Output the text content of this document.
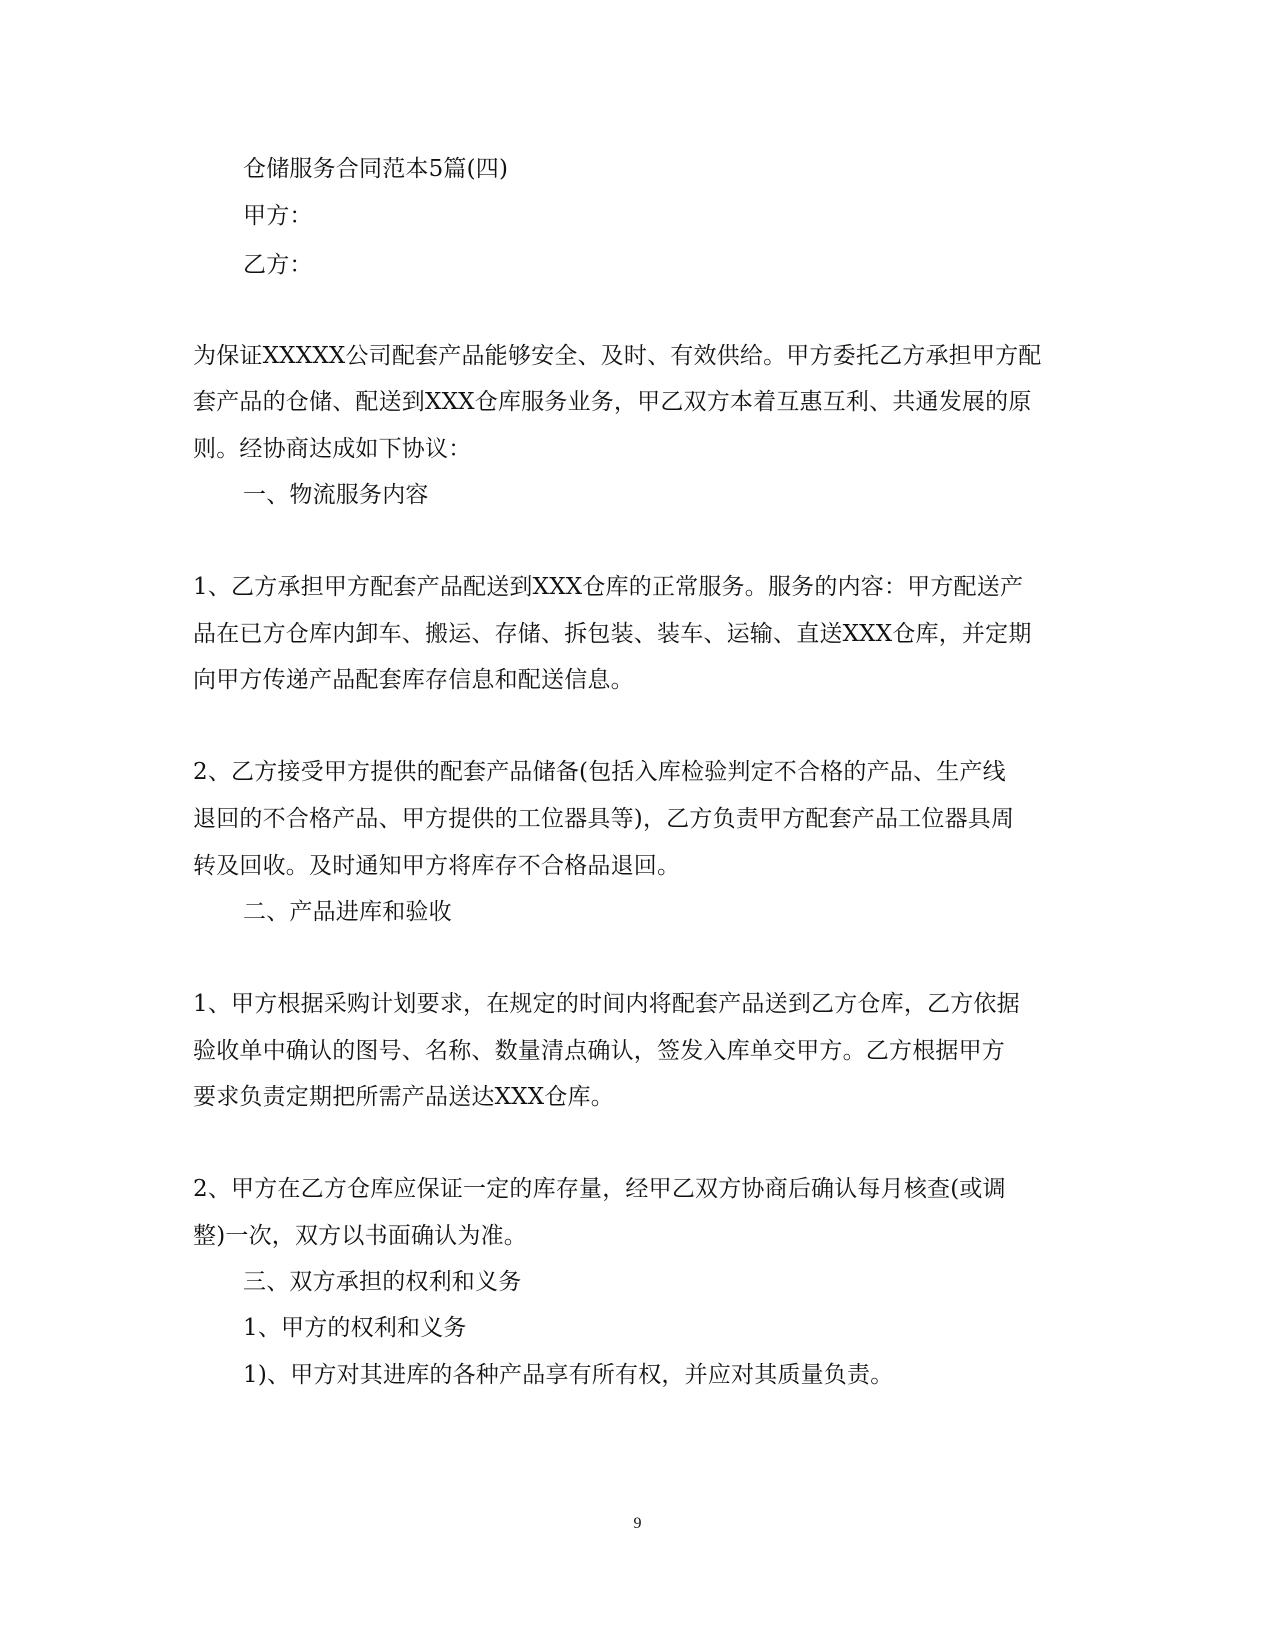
仓储服务合同范本5篇(四)
甲方：
乙方：
为保证XXXXX公司配套产品能够安全、及时、有效供给。甲方委托乙方承担甲方配
套产品的仓储、配送到XXX仓库服务业务，甲乙双方本着互惠互利、共通发展的原
则。经协商达成如下协议：
一、物流服务内容
1、乙方承担甲方配套产品配送到XXX仓库的正常服务。服务的内容：甲方配送产
品在已方仓库内卸车、搬运、存储、拆包装、装车、运输、直送XXX仓库，并定期
向甲方传递产品配套库存信息和配送信息。
2、乙方接受甲方提供的配套产品储备(包括入库检验判定不合格的产品、生产线
退回的不合格产品、甲方提供的工位器具等)，乙方负责甲方配套产品工位器具周
转及回收。及时通知甲方将库存不合格品退回。
二、产品进库和验收
1、甲方根据采购计划要求，在规定的时间内将配套产品送到乙方仓库，乙方依据
验收单中确认的图号、名称、数量清点确认，签发入库单交甲方。乙方根据甲方
要求负责定期把所需产品送达XXX仓库。
2、甲方在乙方仓库应保证一定的库存量，经甲乙双方协商后确认每月核查(或调
整)一次，双方以书面确认为准。
三、双方承担的权利和义务
1、甲方的权利和义务
1)、甲方对其进库的各种产品享有所有权，并应对其质量负责。
9
